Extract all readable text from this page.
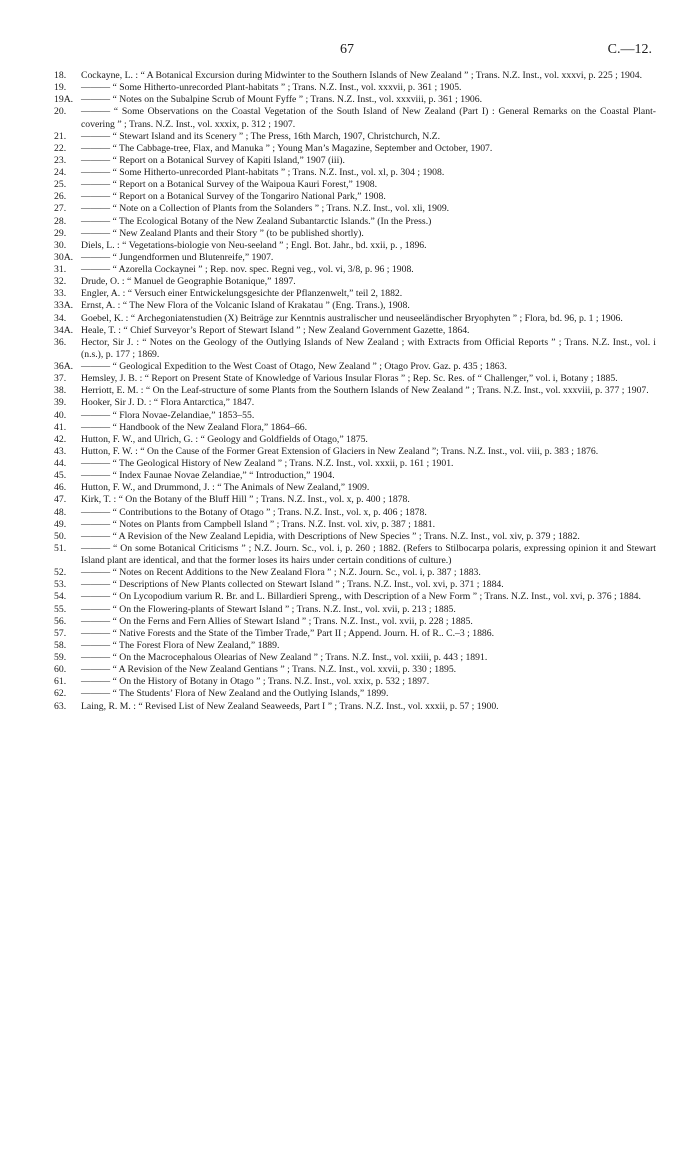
67	C.—12.
18. Cockayne, L. : “ A Botanical Excursion during Midwinter to the Southern Islands of New Zealand ” ; Trans. N.Z. Inst., vol. xxxvi, p. 225 ; 1904.
19. ——— “ Some Hitherto-unrecorded Plant-habitats ” ; Trans. N.Z. Inst., vol. xxxvii, p. 361 ; 1905.
19A. ——— “ Notes on the Subalpine Scrub of Mount Fyffe ” ; Trans. N.Z. Inst., vol. xxxviii, p. 361 ; 1906.
20. ——— “ Some Observations on the Coastal Vegetation of the South Island of New Zealand (Part I) : General Remarks on the Coastal Plant-covering ” ; Trans. N.Z. Inst., vol. xxxix, p. 312 ; 1907.
21. ——— “ Stewart Island and its Scenery ” ; The Press, 16th March, 1907, Christchurch, N.Z.
22. ——— “ The Cabbage-tree, Flax, and Manuka ” ; Young Man’s Magazine, September and October, 1907.
23. ——— “ Report on a Botanical Survey of Kapiti Island,” 1907 (iii).
24. ——— “ Some Hitherto-unrecorded Plant-habitats ” ; Trans. N.Z. Inst., vol. xl, p. 304 ; 1908.
25. ——— “ Report on a Botanical Survey of the Waipoua Kauri Forest,” 1908.
26. ——— “ Report on a Botanical Survey of the Tongariro National Park,” 1908.
27. ——— “ Note on a Collection of Plants from the Solanders ” ; Trans. N.Z. Inst., vol. xli, 1909.
28. ——— “ The Ecological Botany of the New Zealand Subantarctic Islands.” (In the Press.)
29. ——— “ New Zealand Plants and their Story ” (to be published shortly).
30. Diels, L. : “ Vegetations-biologie von Neu-seeland ” ; Engl. Bot. Jahr., bd. xxii, p. , 1896.
30A. ——— “ Jungendformen und Blutenreife,” 1907.
31. ——— “ Azorella Cockaynei ” ; Rep. nov. spec. Regni veg., vol. vi, 3/8, p. 96 ; 1908.
32. Drude, O. : “ Manuel de Geographie Botanique,” 1897.
33. Engler, A. : “ Versuch einer Entwickelungsgesichte der Pflanzenwelt,” teil 2, 1882.
33A. Ernst, A. : “ The New Flora of the Volcanic Island of Krakatau ” (Eng. Trans.), 1908.
34. Goebel, K. : “ Archegoniatenstudien (X) Beiträge zur Kenntnis australischer und neuseeländischer Bryophyten ” ; Flora, bd. 96, p. 1 ; 1906.
34A. Heale, T. : “ Chief Surveyor’s Report of Stewart Island ” ; New Zealand Government Gazette, 1864.
36. Hector, Sir J. : “ Notes on the Geology of the Outlying Islands of New Zealand ; with Extracts from Official Reports ” ; Trans. N.Z. Inst., vol. i (n.s.), p. 177 ; 1869.
36A. ——— “ Geological Expedition to the West Coast of Otago, New Zealand ” ; Otago Prov. Gaz. p. 435 ; 1863.
37. Hemsley, J. B. : “ Report on Present State of Knowledge of Various Insular Floras ” ; Rep. Sc. Res. of “ Challenger,” vol. i, Botany ; 1885.
38. Herriott, E. M. : “ On the Leaf-structure of some Plants from the Southern Islands of New Zealand ” ; Trans. N.Z. Inst., vol. xxxviii, p. 377 ; 1907.
39. Hooker, Sir J. D. : “ Flora Antarctica,” 1847.
40. ——— “ Flora Novae-Zelandiae,” 1853–55.
41. ——— “ Handbook of the New Zealand Flora,” 1864–66.
42. Hutton, F. W., and Ulrich, G. : “ Geology and Goldfields of Otago,” 1875.
43. Hutton, F. W. : “ On the Cause of the Former Great Extension of Glaciers in New Zealand ”; Trans. N.Z. Inst., vol. viii, p. 383 ; 1876.
44. ——— “ The Geological History of New Zealand ” ; Trans. N.Z. Inst., vol. xxxii, p. 161 ; 1901.
45. ——— “ Index Faunae Novae Zelandiae,” “ Introduction,” 1904.
46. Hutton, F. W., and Drummond, J. : “ The Animals of New Zealand,” 1909.
47. Kirk, T. : “ On the Botany of the Bluff Hill ” ; Trans. N.Z. Inst., vol. x, p. 400 ; 1878.
48. ——— “ Contributions to the Botany of Otago ” ; Trans. N.Z. Inst., vol. x, p. 406 ; 1878.
49. ——— “ Notes on Plants from Campbell Island ” ; Trans. N.Z. Inst. vol. xiv, p. 387 ; 1881.
50. ——— “ A Revision of the New Zealand Lepidia, with Descriptions of New Species ” ; Trans. N.Z. Inst., vol. xiv, p. 379 ; 1882.
51. ——— “ On some Botanical Criticisms ” ; N.Z. Journ. Sc., vol. i, p. 260 ; 1882. (Refers to Stilbocarpa polaris, expressing opinion it and Stewart Island plant are identical, and that the former loses its hairs under certain conditions of culture.)
52. ——— “ Notes on Recent Additions to the New Zealand Flora ” ; N.Z. Journ. Sc., vol. i, p. 387 ; 1883.
53. ——— “ Descriptions of New Plants collected on Stewart Island ” ; Trans. N.Z. Inst., vol. xvi, p. 371 ; 1884.
54. ——— “ On Lycopodium varium R. Br. and L. Billardieri Spreng., with Description of a New Form ” ; Trans. N.Z. Inst., vol. xvi, p. 376 ; 1884.
55. ——— “ On the Flowering-plants of Stewart Island ” ; Trans. N.Z. Inst., vol. xvii, p. 213 ; 1885.
56. ——— “ On the Ferns and Fern Allies of Stewart Island ” ; Trans. N.Z. Inst., vol. xvii, p. 228 ; 1885.
57. ——— “ Native Forests and the State of the Timber Trade,” Part II ; Append. Journ. H. of R.. C.–3 ; 1886.
58. ——— “ The Forest Flora of New Zealand,” 1889.
59. ——— “ On the Macrocephalous Olearias of New Zealand ” ; Trans. N.Z. Inst., vol. xxiii, p. 443 ; 1891.
60. ——— “ A Revision of the New Zealand Gentians ” ; Trans. N.Z. Inst., vol. xxvii, p. 330 ; 1895.
61. ——— “ On the History of Botany in Otago ” ; Trans. N.Z. Inst., vol. xxix, p. 532 ; 1897.
62. ——— “ The Students’ Flora of New Zealand and the Outlying Islands,” 1899.
63. Laing, R. M. : “ Revised List of New Zealand Seaweeds, Part I ” ; Trans. N.Z. Inst., vol. xxxii, p. 57 ; 1900.
